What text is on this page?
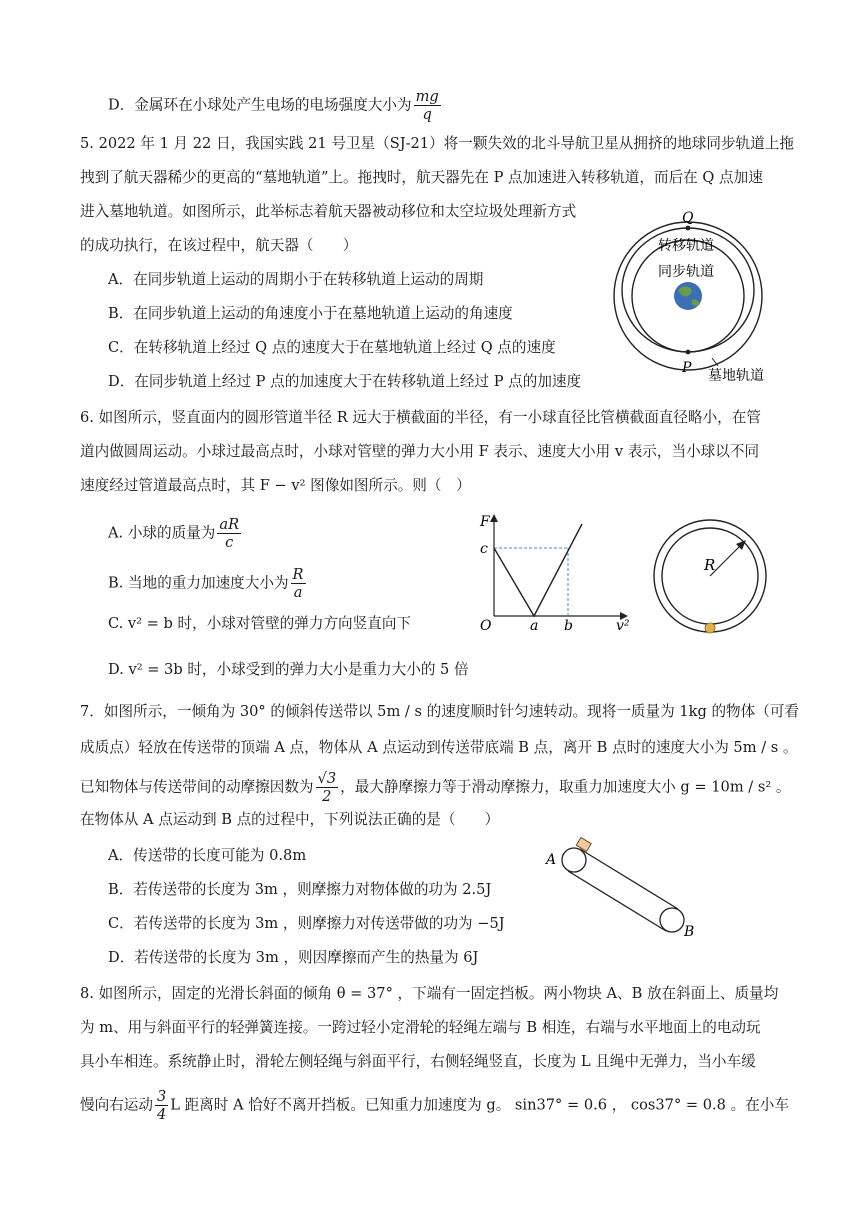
D．金属环在小球处产生电场的电场强度大小为 $\frac{mg}{q}$
5. 2022 年 1 月 22 日，我国实践 21 号卫星（SJ-21）将一颗失效的北斗导航卫星从拥挤的地球同步轨道上拖
拽到了航天器稀少的更高的“墓地轨道”上。拖拽时，航天器先在 P 点加速进入转移轨道，而后在 Q 点加速
进入墓地轨道。如图所示，此举标志着航天器被动移位和太空垃圾处理新方式
的成功执行，在该过程中，航天器（　　）
A．在同步轨道上运动的周期小于在转移轨道上运动的周期
B．在同步轨道上运动的角速度小于在墓地轨道上运动的角速度
C．在转移轨道上经过 Q 点的速度大于在墓地轨道上经过 Q 点的速度
D．在同步轨道上经过 P 点的加速度大于在转移轨道上经过 P 点的加速度
Q
P
转移轨道
同步轨道
墓地轨道
6. 如图所示，竖直面内的圆形管道半径 R 远大于横截面的半径，有一小球直径比管横截面直径略小，在管
道内做圆周运动。小球过最高点时，小球对管壁的弹力大小用 F 表示、速度大小用 v 表示，当小球以不同
速度经过管道最高点时，其 F − v² 图像如图所示。则（　）
A. 小球的质量为 $\frac{aR}{c}$
B. 当地的重力加速度大小为 $\frac{R}{a}$
C. v² = b 时，小球对管壁的弹力方向竖直向下
D. v² = 3b 时，小球受到的弹力大小是重力大小的 5 倍
F
c
O	a b	v²
R
7．如图所示，一倾角为 30° 的倾斜传送带以 5m / s 的速度顺时针匀速转动。现将一质量为 1kg 的物体（可看
成质点）轻放在传送带的顶端 A 点，物体从 A 点运动到传送带底端 B 点，离开 B 点时的速度大小为 5m / s 。
已知物体与传送带间的动摩擦因数为 $\frac{√3}{2}$ ，最大静摩擦力等于滑动摩擦力，取重力加速度大小 g = 10m / s² 。
在物体从 A 点运动到 B 点的过程中，下列说法正确的是（　　）
A．传送带的长度可能为 0.8m
B．若传送带的长度为 3m ，则摩擦力对物体做的功为 2.5J
C．若传送带的长度为 3m ，则摩擦力对传送带做的功为 −5J
D．若传送带的长度为 3m ，则因摩擦而产生的热量为 6J
A
B
8. 如图所示，固定的光滑长斜面的倾角 θ = 37° ，下端有一固定挡板。两小物块 A、B 放在斜面上、质量均
为 m、用与斜面平行的轻弹簧连接。一跨过轻小定滑轮的轻绳左端与 B 相连，右端与水平地面上的电动玩
具小车相连。系统静止时，滑轮左侧轻绳与斜面平行，右侧轻绳竖直，长度为 L 且绳中无弹力，当小车缓
慢向右运动 $\frac{3}{4}$ L 距离时 A 恰好不离开挡板。已知重力加速度为 g。 sin37° = 0.6 ， cos37° = 0.8 。在小车
